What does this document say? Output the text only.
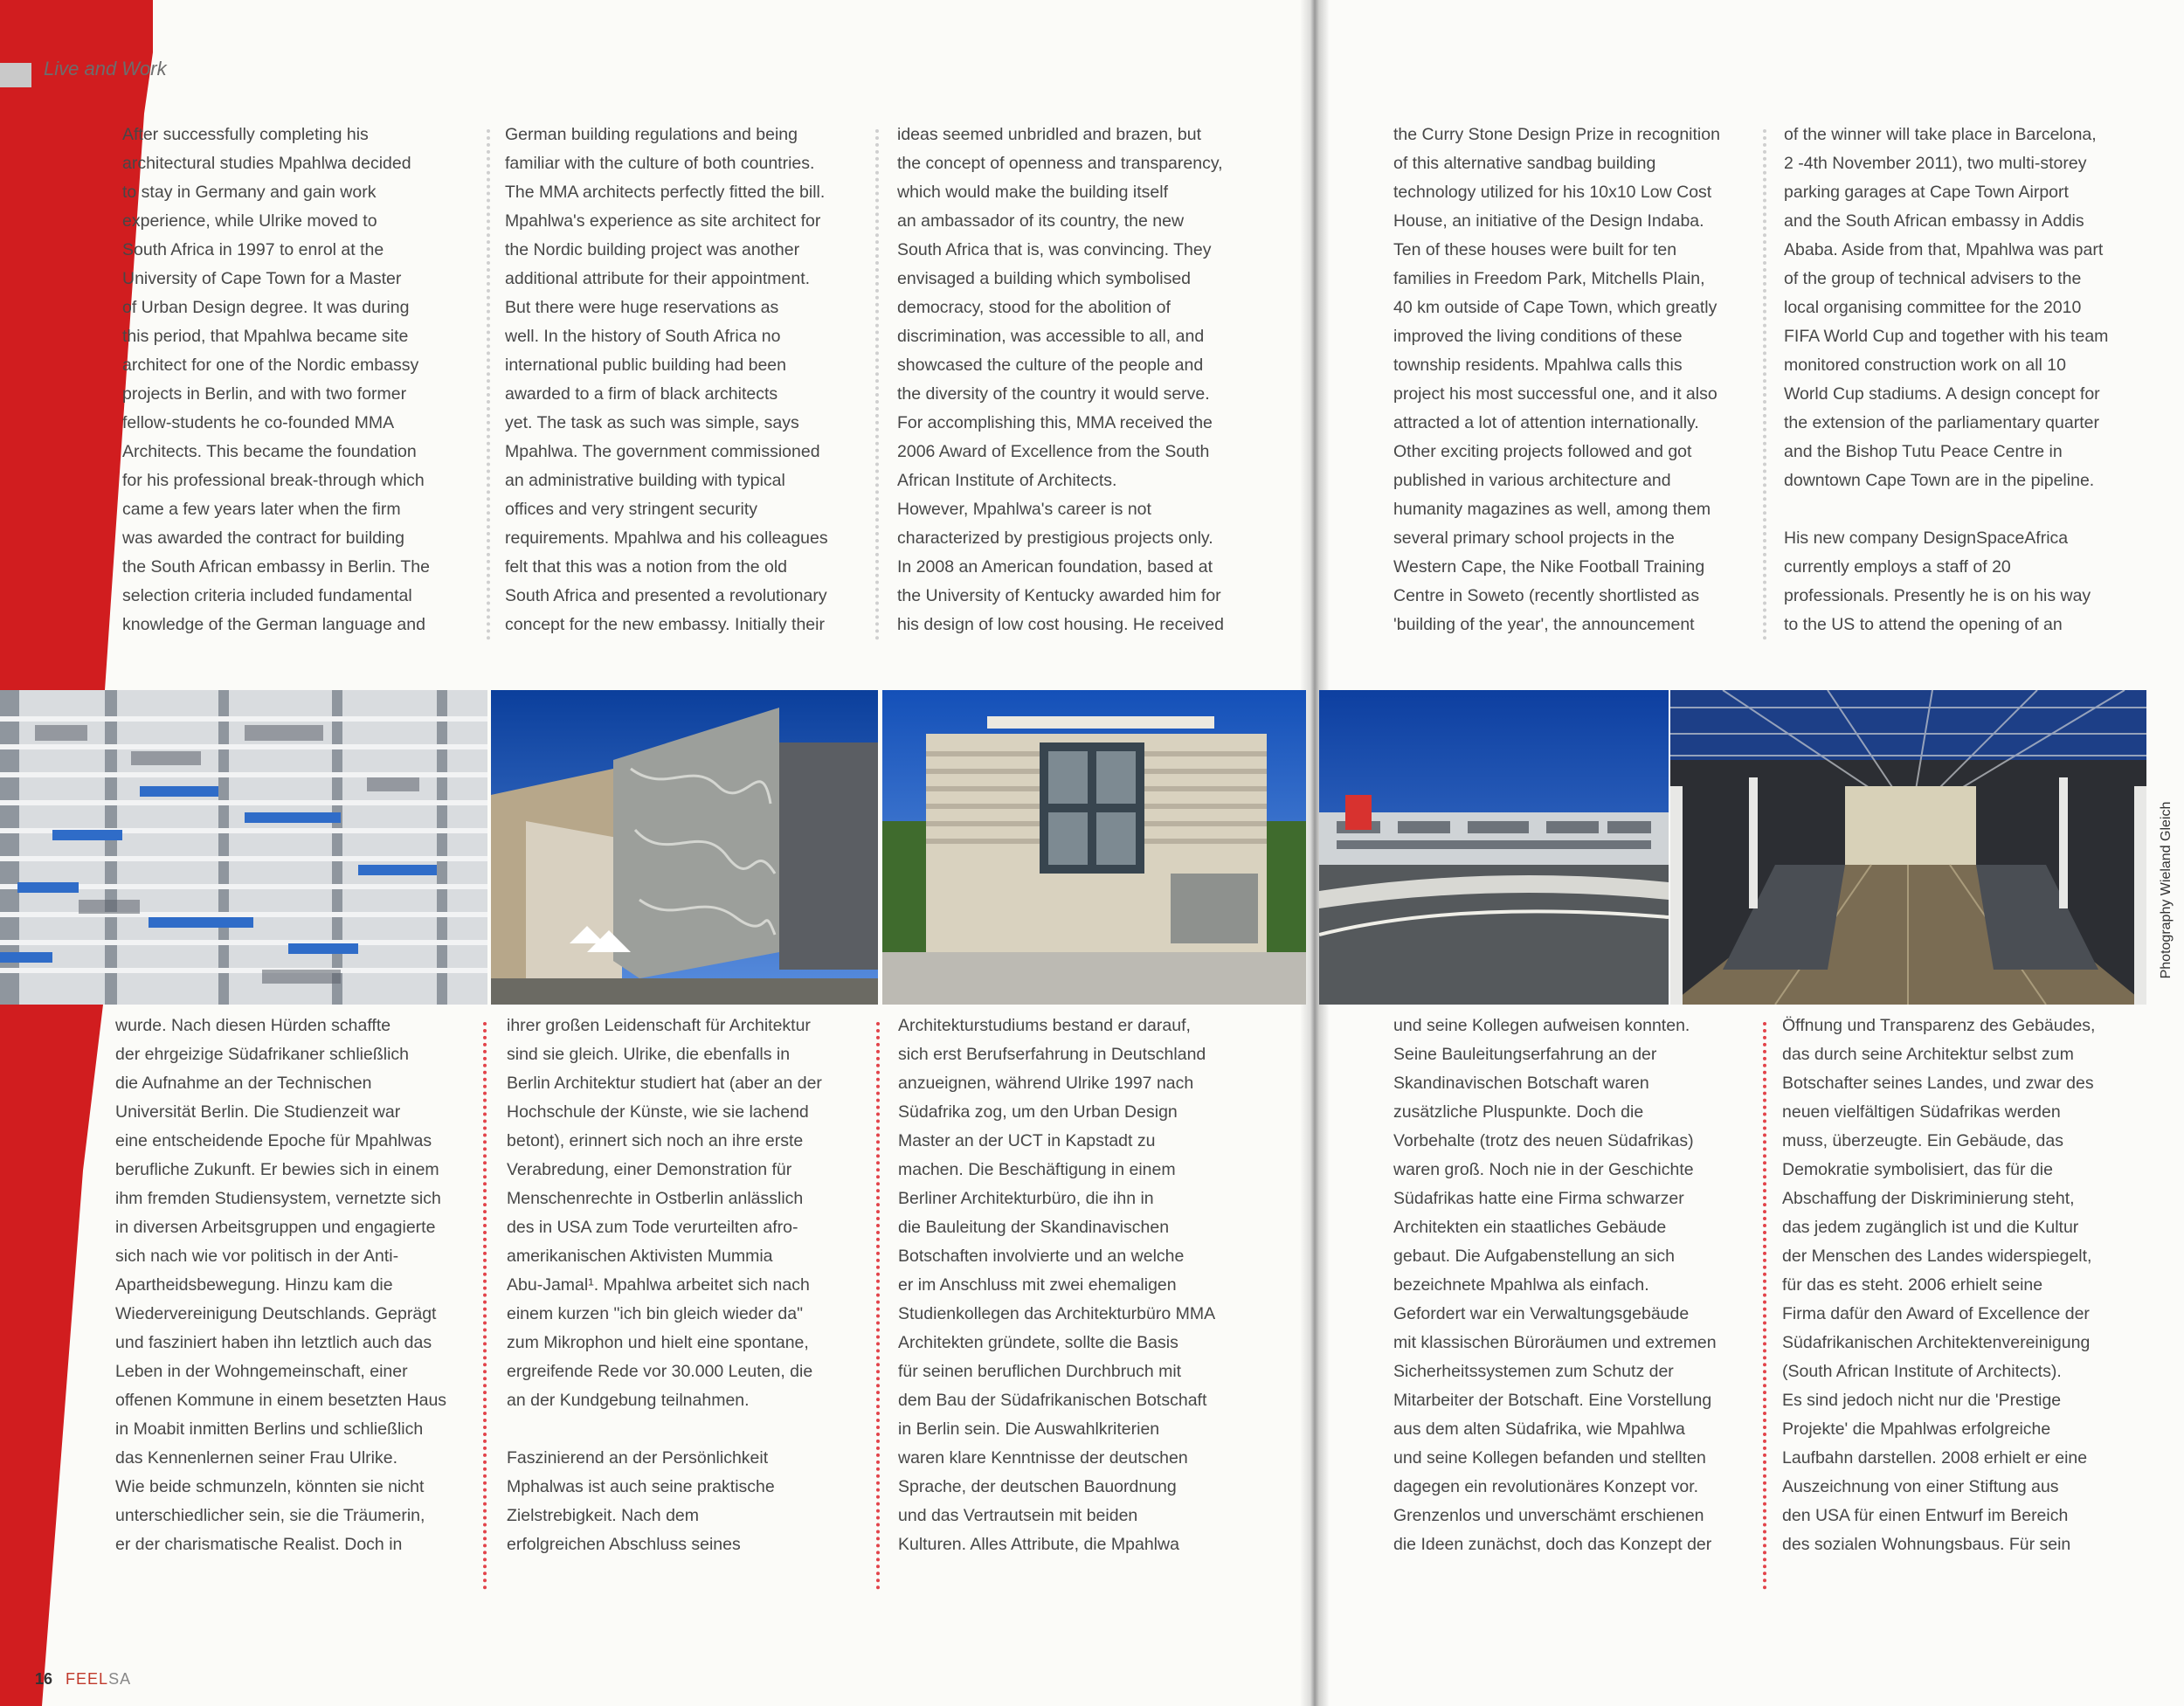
Live and Work

After successfully completing his
architectural studies Mpahlwa decided
to stay in Germany and gain work
experience, while Ulrike moved to
South Africa in 1997 to enrol at the
University of Cape Town for a Master
of Urban Design degree. It was during
this period, that Mpahlwa became site
architect for one of the Nordic embassy
projects in Berlin, and with two former
fellow-students he co-founded MMA
Architects. This became the foundation
for his professional break-through which
came a few years later when the firm
was awarded the contract for building
the South African embassy in Berlin. The
selection criteria included fundamental
knowledge of the German language and

German building regulations and being
familiar with the culture of both countries.
The MMA architects perfectly fitted the bill.
Mpahlwa's experience as site architect for
the Nordic building project was another
additional attribute for their appointment.
But there were huge reservations as
well. In the history of South Africa no
international public building had been
awarded to a firm of black architects
yet. The task as such was simple, says
Mpahlwa. The government commissioned
an administrative building with typical
offices and very stringent security
requirements. Mpahlwa and his colleagues
felt that this was a notion from the old
South Africa and presented a revolutionary
concept for the new embassy. Initially their

ideas seemed unbridled and brazen, but
the concept of openness and transparency,
which would make the building itself
an ambassador of its country, the new
South Africa that is, was convincing. They
envisaged a building which symbolised
democracy, stood for the abolition of
discrimination, was accessible to all, and
showcased the culture of the people and
the diversity of the country it would serve.
For accomplishing this, MMA received the
2006 Award of Excellence from the South
African Institute of Architects.
However, Mpahlwa's career is not
characterized by prestigious projects only.
In 2008 an American foundation, based at
the University of Kentucky awarded him for
his design of low cost housing. He received

the Curry Stone Design Prize in recognition
of this alternative sandbag building
technology utilized for his 10x10 Low Cost
House, an initiative of the Design Indaba.
Ten of these houses were built for ten
families in Freedom Park, Mitchells Plain,
40 km outside of Cape Town, which greatly
improved the living conditions of these
township residents. Mpahlwa calls this
project his most successful one, and it also
attracted a lot of attention internationally.
Other exciting projects followed and got
published in various architecture and
humanity magazines as well, among them
several primary school projects in the
Western Cape, the Nike Football Training
Centre in Soweto (recently shortlisted as
'building of the year', the announcement

of the winner will take place in Barcelona,
2 -4th November 2011), two multi-storey
parking garages at Cape Town Airport
and the South African embassy in Addis
Ababa. Aside from that, Mpahlwa was part
of the group of technical advisers to the
local organising committee for the 2010
FIFA World Cup and together with his team
monitored construction work on all 10
World Cup stadiums. A design concept for
the extension of the parliamentary quarter
and the Bishop Tutu Peace Centre in
downtown Cape Town are in the pipeline.

His new company DesignSpaceAfrica
currently employs a staff of 20
professionals. Presently he is on his way
to the US to attend the opening of an

Photography Wieland Gleich

wurde. Nach diesen Hürden schaffte
der ehrgeizige Südafrikaner schließlich
die Aufnahme an der Technischen
Universität Berlin. Die Studienzeit war
eine entscheidende Epoche für Mpahlwas
berufliche Zukunft. Er bewies sich in einem
ihm fremden Studiensystem, vernetzte sich
in diversen Arbeitsgruppen und engagierte
sich nach wie vor politisch in der Anti-
Apartheidsbewegung. Hinzu kam die
Wiedervereinigung Deutschlands. Geprägt
und fasziniert haben ihn letztlich auch das
Leben in der Wohngemeinschaft, einer
offenen Kommune in einem besetzten Haus
in Moabit inmitten Berlins und schließlich
das Kennenlernen seiner Frau Ulrike.
Wie beide schmunzeln, könnten sie nicht
unterschiedlicher sein, sie die Träumerin,
er der charismatische Realist. Doch in

ihrer großen Leidenschaft für Architektur
sind sie gleich. Ulrike, die ebenfalls in
Berlin Architektur studiert hat (aber an der
Hochschule der Künste, wie sie lachend
betont), erinnert sich noch an ihre erste
Verabredung, einer Demonstration für
Menschenrechte in Ostberlin anlässlich
des in USA zum Tode verurteilten afro-
amerikanischen Aktivisten Mummia
Abu-Jamal¹. Mpahlwa arbeitet sich nach
einem kurzen "ich bin gleich wieder da"
zum Mikrophon und hielt eine spontane,
ergreifende Rede vor 30.000 Leuten, die
an der Kundgebung teilnahmen.

Faszinierend an der Persönlichkeit
Mphalwas ist auch seine praktische
Zielstrebigkeit. Nach dem
erfolgreichen Abschluss seines

Architekturstudiums bestand er darauf,
sich erst Berufserfahrung in Deutschland
anzueignen, während Ulrike 1997 nach
Südafrika zog, um den Urban Design
Master an der UCT in Kapstadt zu
machen. Die Beschäftigung in einem
Berliner Architekturbüro, die ihn in
die Bauleitung der Skandinavischen
Botschaften involvierte und an welche
er im Anschluss mit zwei ehemaligen
Studienkollegen das Architekturbüro MMA
Architekten gründete, sollte die Basis
für seinen beruflichen Durchbruch mit
dem Bau der Südafrikanischen Botschaft
in Berlin sein. Die Auswahlkriterien
waren klare Kenntnisse der deutschen
Sprache, der deutschen Bauordnung
und das Vertrautsein mit beiden
Kulturen. Alles Attribute, die Mpahlwa

und seine Kollegen aufweisen konnten.
Seine Bauleitungserfahrung an der
Skandinavischen Botschaft waren
zusätzliche Pluspunkte. Doch die
Vorbehalte (trotz des neuen Südafrikas)
waren groß. Noch nie in der Geschichte
Südafrikas hatte eine Firma schwarzer
Architekten ein staatliches Gebäude
gebaut. Die Aufgabenstellung an sich
bezeichnete Mpahlwa als einfach.
Gefordert war ein Verwaltungsgebäude
mit klassischen Büroräumen und extremen
Sicherheitssystemen zum Schutz der
Mitarbeiter der Botschaft. Eine Vorstellung
aus dem alten Südafrika, wie Mpahlwa
und seine Kollegen befanden und stellten
dagegen ein revolutionäres Konzept vor.
Grenzenlos und unverschämt erschienen
die Ideen zunächst, doch das Konzept der

Öffnung und Transparenz des Gebäudes,
das durch seine Architektur selbst zum
Botschafter seines Landes, und zwar des
neuen vielfältigen Südafrikas werden
muss, überzeugte. Ein Gebäude, das
Demokratie symbolisiert, das für die
Abschaffung der Diskriminierung steht,
das jedem zugänglich ist und die Kultur
der Menschen des Landes widerspiegelt,
für das es steht. 2006 erhielt seine
Firma dafür den Award of Excellence der
Südafrikanischen Architektenvereinigung
(South African Institute of Architects).
Es sind jedoch nicht nur die 'Prestige
Projekte' die Mpahlwas erfolgreiche
Laufbahn darstellen. 2008 erhielt er eine
Auszeichnung von einer Stiftung aus
den USA für einen Entwurf im Bereich
des sozialen Wohnungsbaus. Für sein

16 FEELSA
